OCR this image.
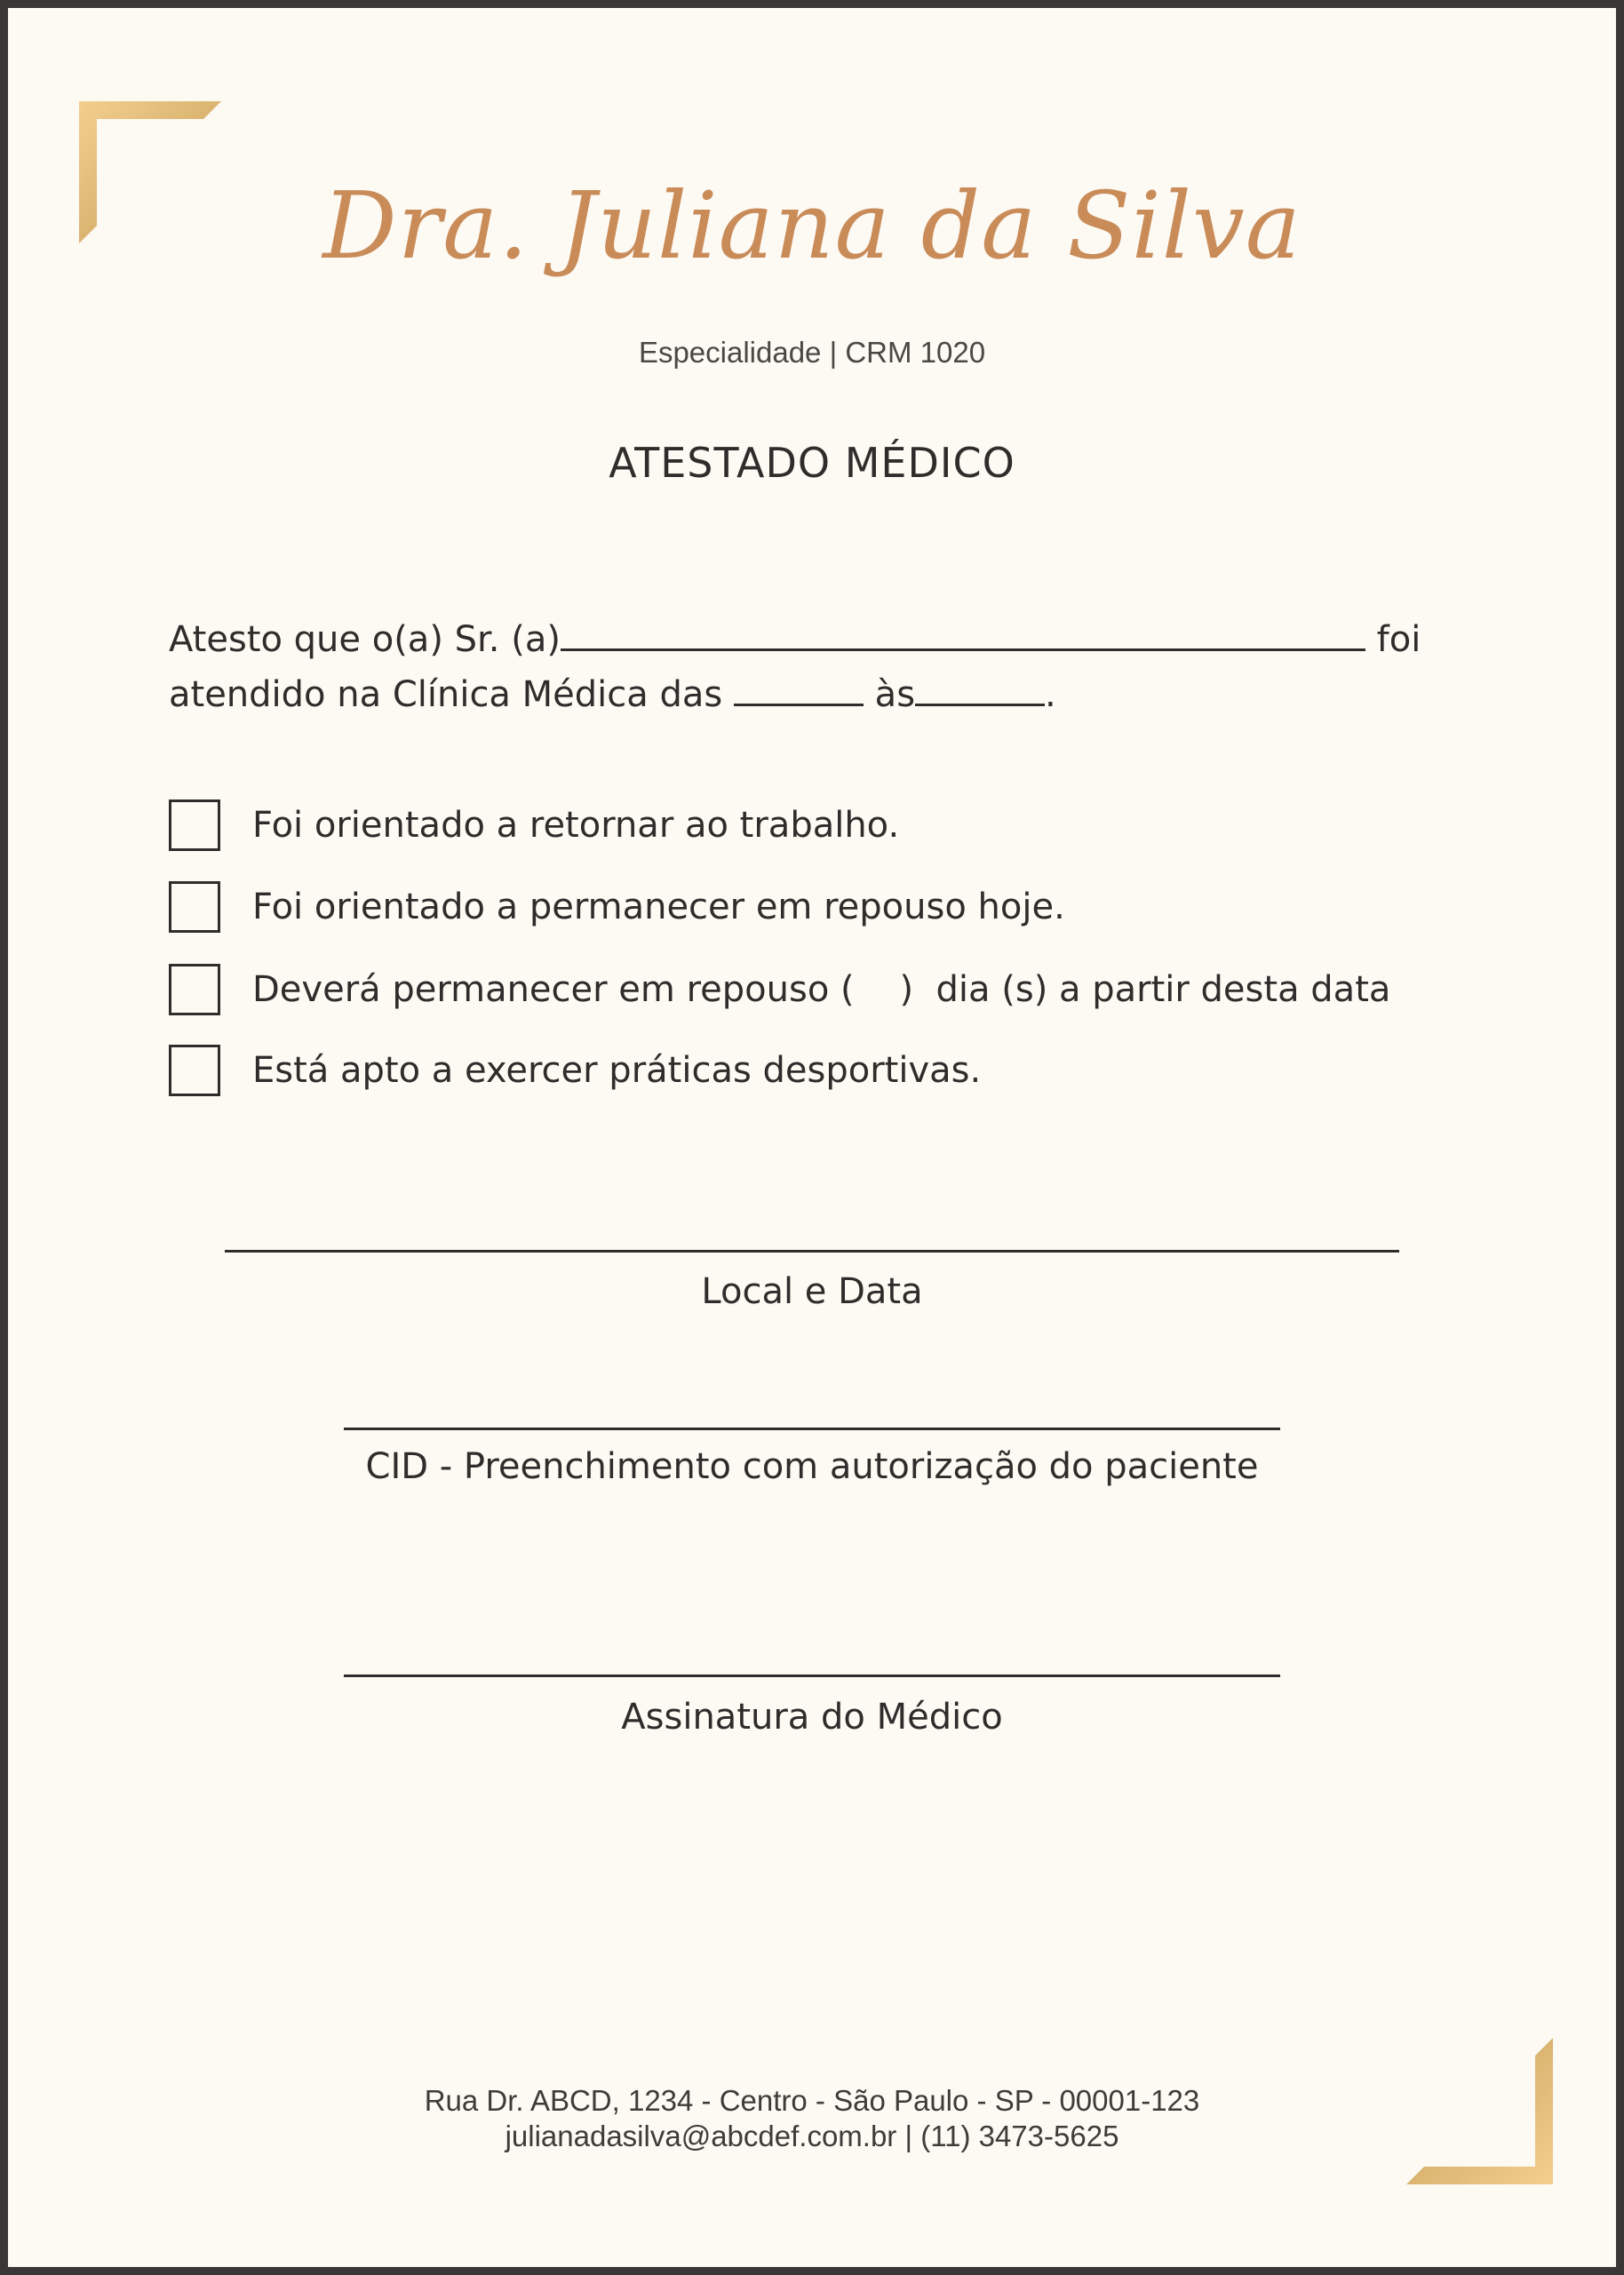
Dra. Juliana da Silva
Especialidade | CRM 1020
ATESTADO MÉDICO
Atesto que o(a) Sr. (a)	foi
atendido na Clínica Médica das	às	.
Foi orientado a retornar ao trabalho.
Foi orientado a permanecer em repouso hoje.
Deverá permanecer em repouso (    )  dia (s) a partir desta data
Está apto a exercer práticas desportivas.
Local e Data
CID - Preenchimento com autorização do paciente
Assinatura do Médico
Rua Dr. ABCD, 1234 - Centro - São Paulo - SP - 00001-123
julianadasilva@abcdef.com.br | (11) 3473-5625
